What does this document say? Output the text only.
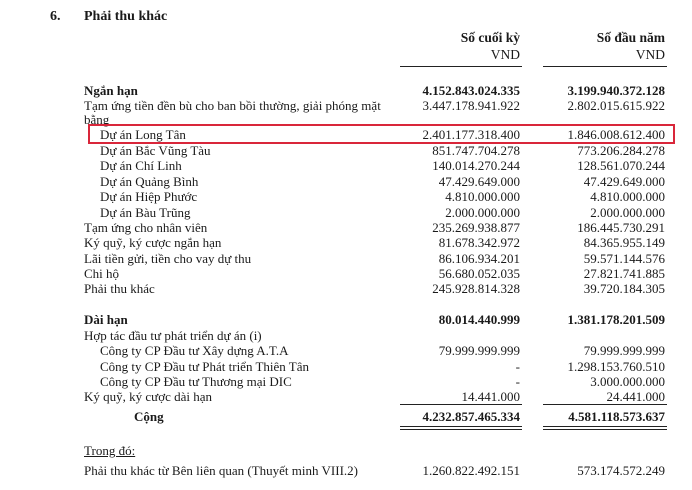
6. Phải thu khác
Số cuối kỳ	Số đầu năm
VND	VND
Ngắn hạn	4.152.843.024.335	3.199.940.372.128
Tạm ứng tiền đền bù cho ban bồi thường, giải phóng mặt	3.447.178.941.922	2.802.015.615.922
bằng
Dự án Long Tân	2.401.177.318.400	1.846.008.612.400
Dự án Bắc Vũng Tàu	851.747.704.278	773.206.284.278
Dự án Chí Linh	140.014.270.244	128.561.070.244
Dự án Quảng Bình	47.429.649.000	47.429.649.000
Dự án Hiệp Phước	4.810.000.000	4.810.000.000
Dự án Bàu Trũng	2.000.000.000	2.000.000.000
Tạm ứng cho nhân viên	235.269.938.877	186.445.730.291
Ký quỹ, ký cược ngắn hạn	81.678.342.972	84.365.955.149
Lãi tiền gửi, tiền cho vay dự thu	86.106.934.201	59.571.144.576
Chi hộ	56.680.052.035	27.821.741.885
Phải thu khác	245.928.814.328	39.720.184.305
Dài hạn	80.014.440.999	1.381.178.201.509
Hợp tác đầu tư phát triển dự án (i)
Công ty CP Đầu tư Xây dựng A.T.A	79.999.999.999	79.999.999.999
Công ty CP Đầu tư Phát triển Thiên Tân	-	1.298.153.760.510
Công ty CP Đầu tư Thương mại DIC	-	3.000.000.000
Ký quỹ, ký cược dài hạn	14.441.000	24.441.000
Cộng	4.232.857.465.334	4.581.118.573.637
Trong đó:
Phải thu khác từ Bên liên quan (Thuyết minh VIII.2)	1.260.822.492.151	573.174.572.249
